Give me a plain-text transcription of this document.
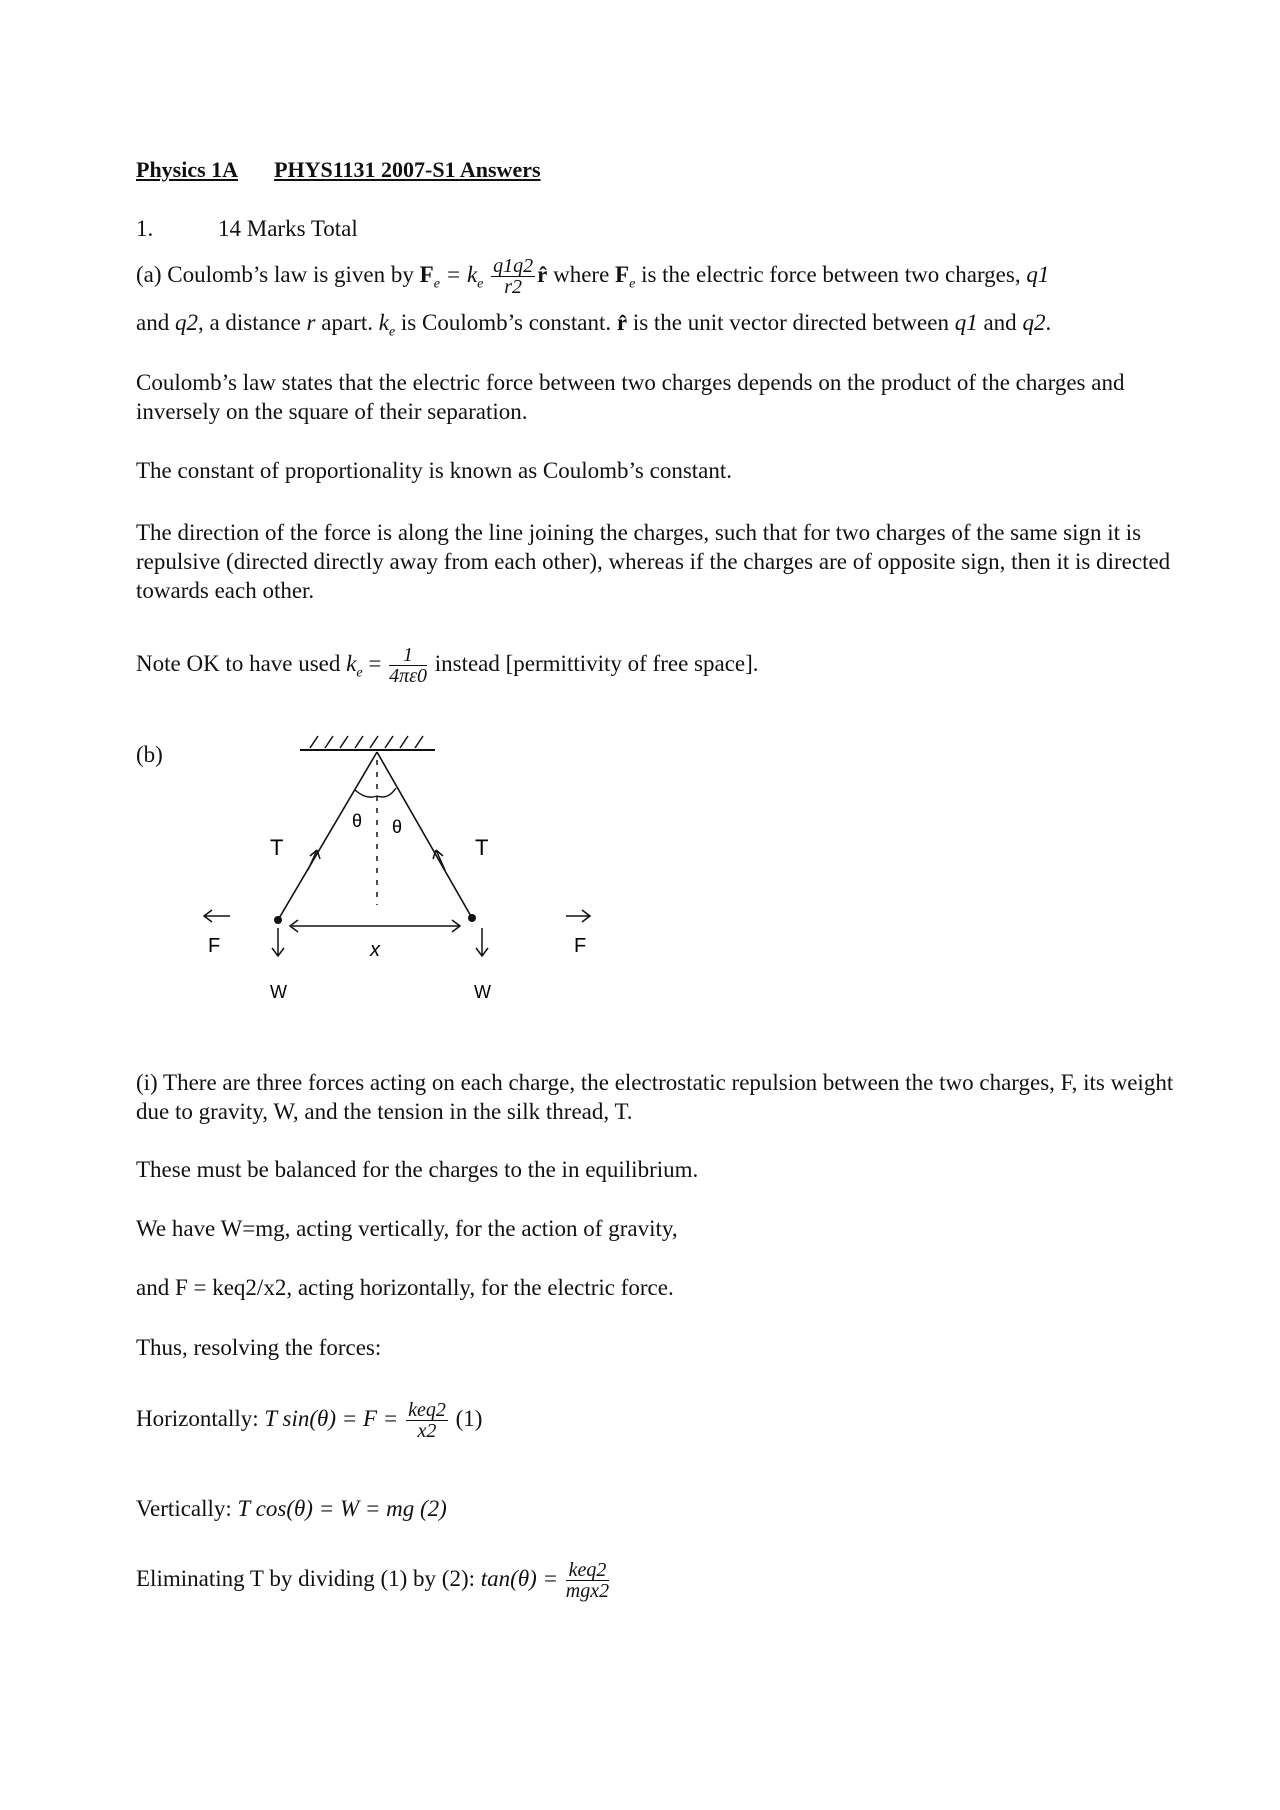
Physics 1A PHYS1131 2007-S1 Answers
1.	14 Marks Total
(a) Coulomb’s law is given by $F_e = k_e \frac{q1q2}{r2}$ r̂ where $F_e$ is the electric force between two charges, q1
and q2, a distance r apart. $k_e$ is Coulomb’s constant. r̂ is the unit vector directed between q1 and q2.
Coulomb’s law states that the electric force between two charges depends on the product of the charges and inversely on the square of their separation.
The constant of proportionality is known as Coulomb’s constant.
The direction of the force is along the line joining the charges, such that for two charges of the same sign it is repulsive (directed directly away from each other), whereas if the charges are of opposite sign, then it is directed towards each other.
Note OK to have used $k_e = \frac{1}{4\pi\varepsilon 0}$ instead [permittivity of free space].
(b)
θ θ
T	T
x
W	W
F	F
(i) There are three forces acting on each charge, the electrostatic repulsion between the two charges, F, its weight due to gravity, W, and the tension in the silk thread, T.
These must be balanced for the charges to the in equilibrium.
We have W=mg, acting vertically, for the action of gravity,
and F = keq2/x2, acting horizontally, for the electric force.
Thus, resolving the forces:
Horizontally: T $\sin(\theta) = F = \frac{\text{keq2}}{x2} (1)$
Vertically: T cos(θ) = W = mg (2)
Eliminating T by dividing (1) by (2): $\tan(\theta) = \frac{\text{keq2}}{\text{mgx2}}$
